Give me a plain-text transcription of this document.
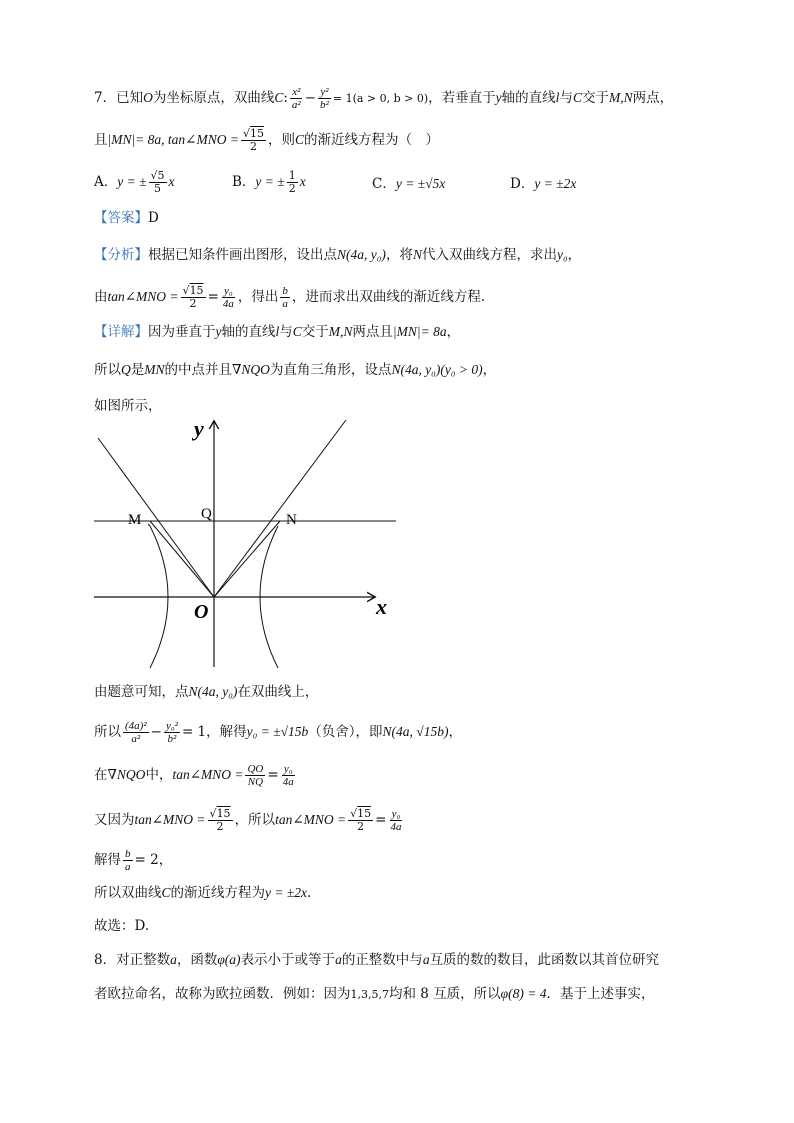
7．已知O为坐标原点，双曲线C: $\frac{\text{x²}}{\text{a²}} - \frac{\text{y²}}{\text{b²}} = 1(a > 0$, b > 0)，若垂直于y轴的直线l与C交于M,N两点，
且|MN|= 8a, tan∠MNO = $\frac{√15}{2}$ ，则C的渐近线方程为（　）
A．y = ± $\frac{√5}{5}$ x	B．y = ± $\frac{1}{2}$ x	C．y = ±√5x	D．y = ±2x
【答案】D
【分析】根据已知条件画出图形，设出点N(4a, y₀)，将N代入双曲线方程，求出y₀，
由tan∠MNO = $\frac{√15}{2} = \frac{\text{y₀}}{4a}$ ，得出 $\frac{b}{a}$ ，进而求出双曲线的渐近线方程.
【详解】因为垂直于y轴的直线l与C交于M,N两点且|MN|= 8a，
所以Q是MN的中点并且∇NQO为直角三角形，设点N(4a, y₀)(y₀ > 0)，
如图所示，
y
x
O
Q
M	N
由题意可知，点N(4a, y₀)在双曲线上，
所以 $\frac{\text{(4a)²}}{\text{a²}} - \frac{\text{y₀²}}{\text{b²}} = 1$，解得y₀ = ±√15b（负舍），即N(4a, √15b)，
在∇NQO中，tan∠MNO = $\frac{QO}{NQ} = \frac{\text{y₀}}{4a}$
又因为tan∠MNO = $\frac{√15}{2}$ ，所以tan∠MNO = $\frac{√15}{2} = \frac{\text{y₀}}{4a}$
解得 $\frac{b}{a} = 2$，
所以双曲线C的渐近线方程为y = ±2x.
故选：D.
8．对正整数a，函数φ(a)表示小于或等于a的正整数中与a互质的数的数目，此函数以其首位研究
者欧拉命名，故称为欧拉函数．例如：因为1,3,5,7均和 8 互质，所以φ(8) = 4．基于上述事实，
